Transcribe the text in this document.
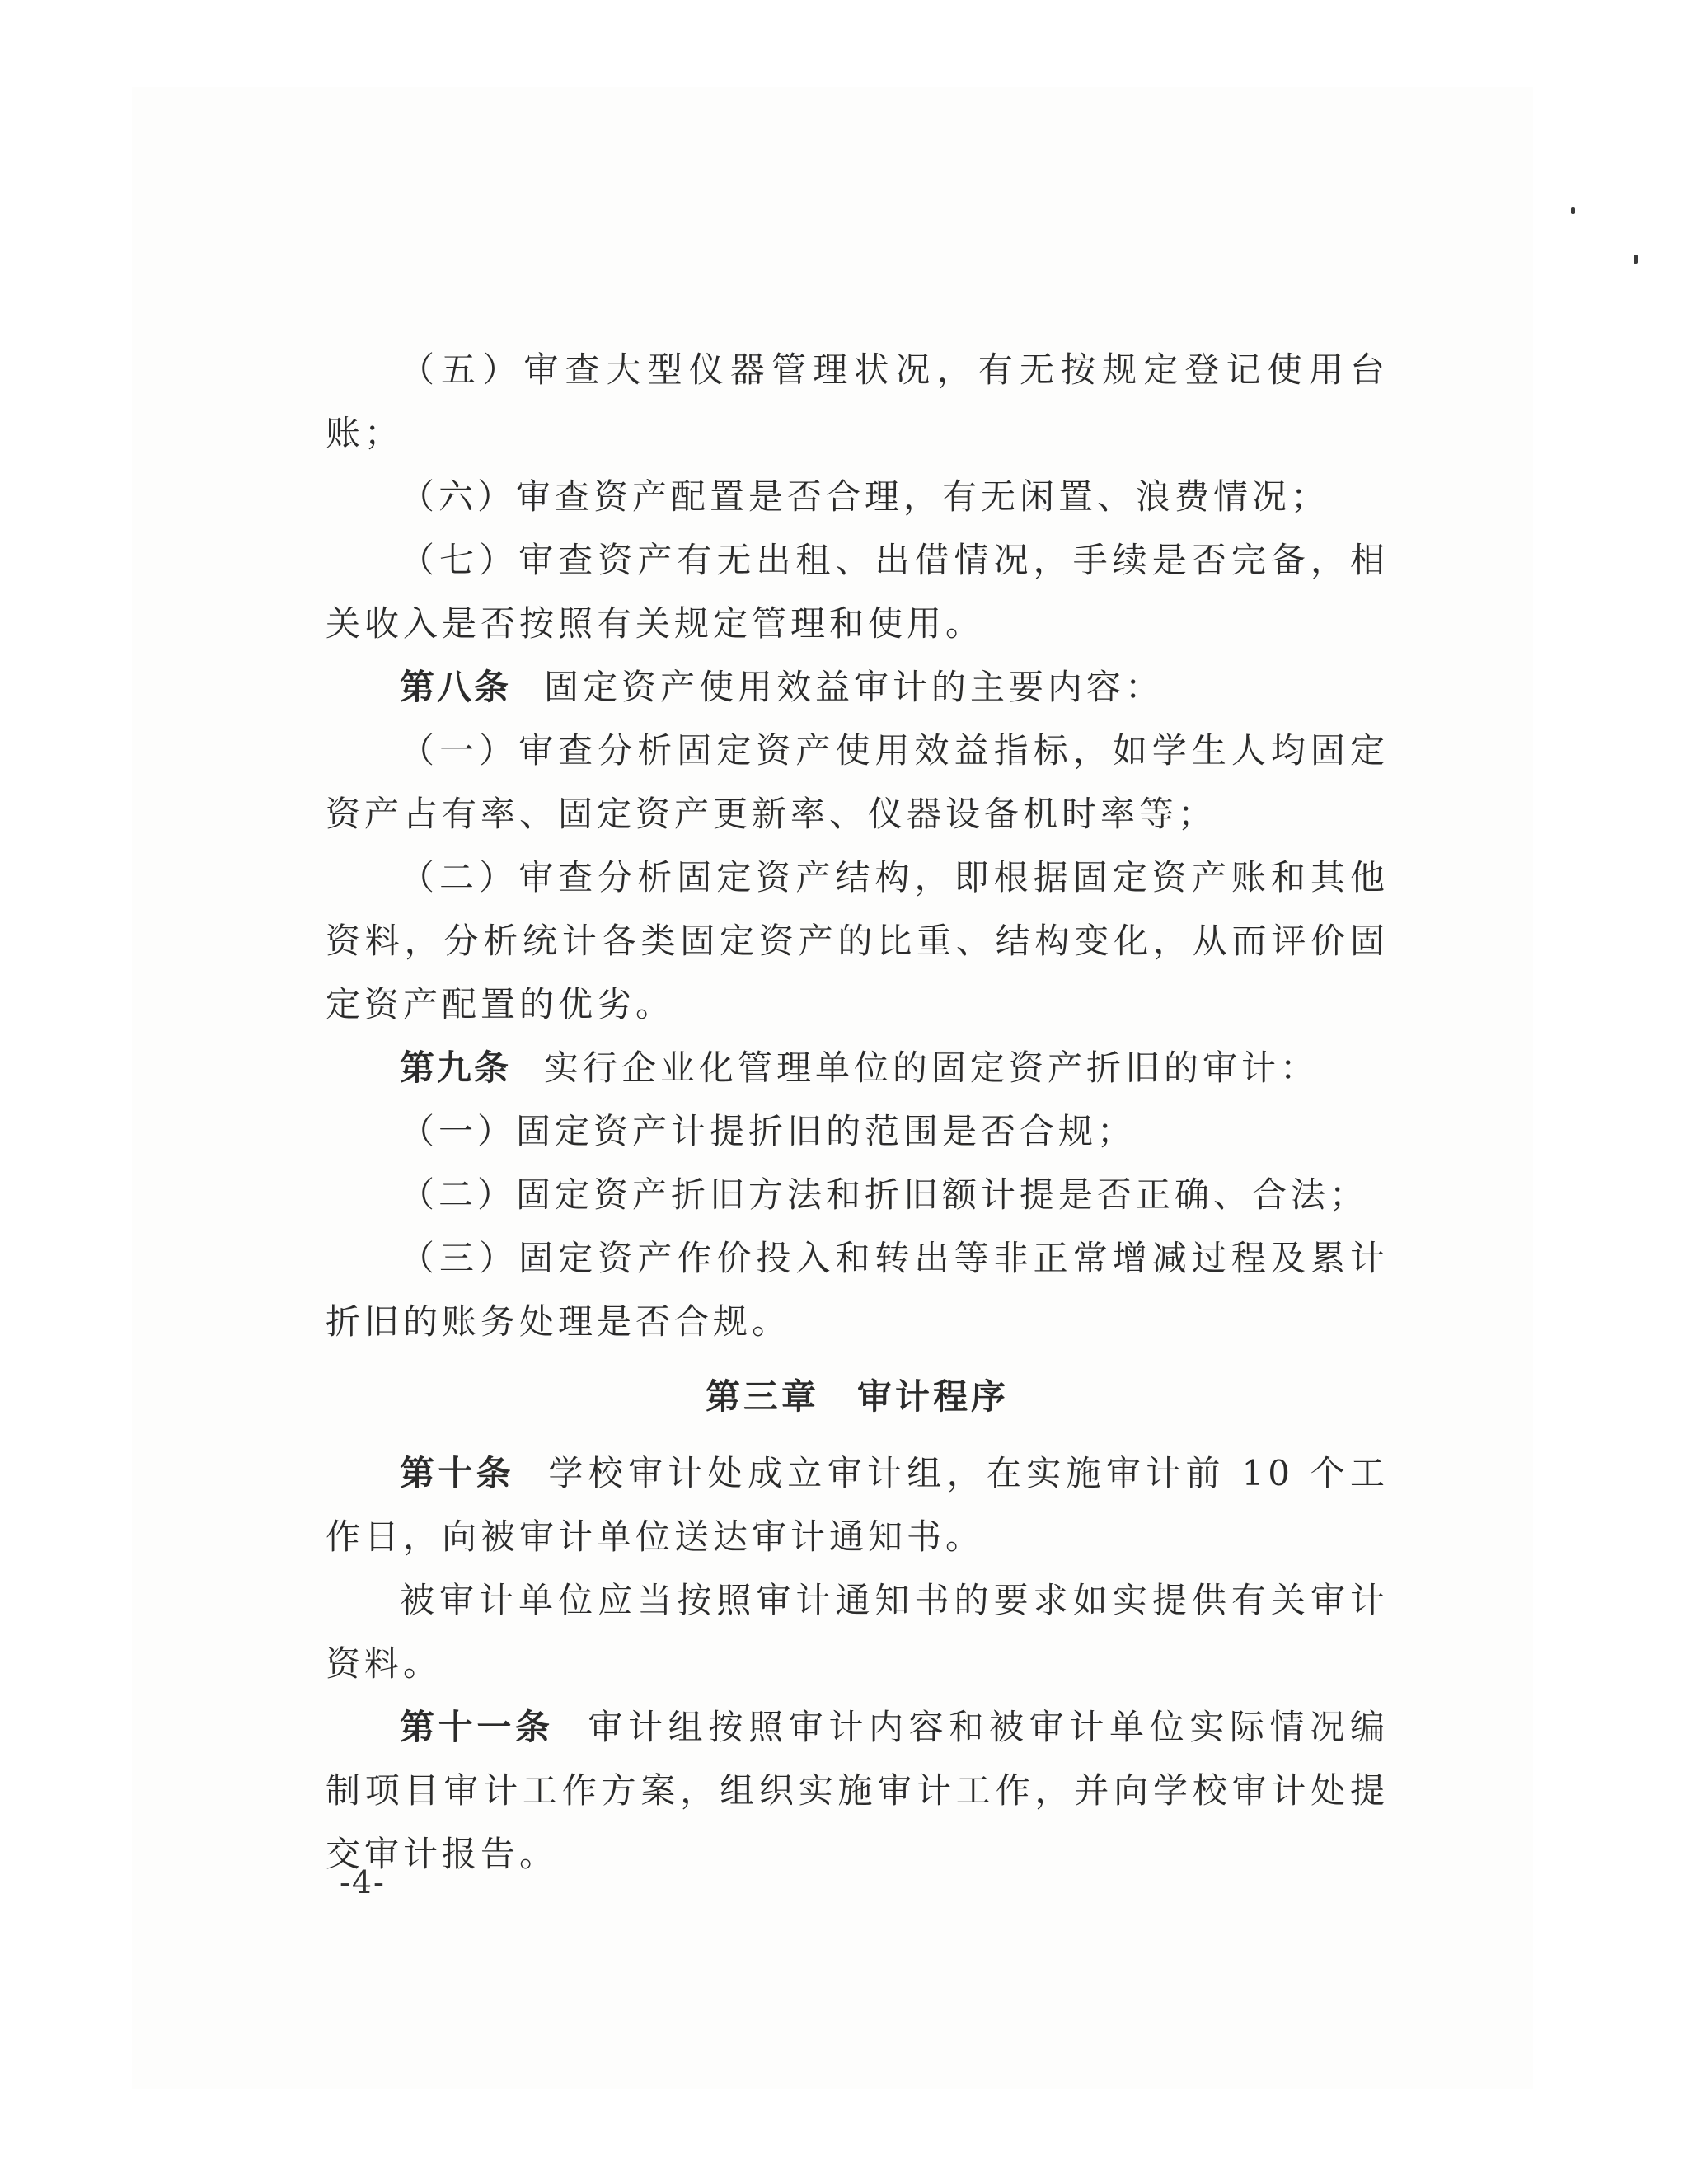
（五）审查大型仪器管理状况，有无按规定登记使用台账；

（六）审查资产配置是否合理，有无闲置、浪费情况；

（七）审查资产有无出租、出借情况，手续是否完备，相关收入是否按照有关规定管理和使用。

第八条 固定资产使用效益审计的主要内容：

（一）审查分析固定资产使用效益指标，如学生人均固定资产占有率、固定资产更新率、仪器设备机时率等；

（二）审查分析固定资产结构，即根据固定资产账和其他资料，分析统计各类固定资产的比重、结构变化，从而评价固定资产配置的优劣。

第九条 实行企业化管理单位的固定资产折旧的审计：

（一）固定资产计提折旧的范围是否合规；

（二）固定资产折旧方法和折旧额计提是否正确、合法；

（三）固定资产作价投入和转出等非正常增减过程及累计折旧的账务处理是否合规。

第三章 审计程序

第十条 学校审计处成立审计组，在实施审计前 10 个工作日，向被审计单位送达审计通知书。

被审计单位应当按照审计通知书的要求如实提供有关审计资料。

第十一条 审计组按照审计内容和被审计单位实际情况编制项目审计工作方案，组织实施审计工作，并向学校审计处提交审计报告。

-4-
